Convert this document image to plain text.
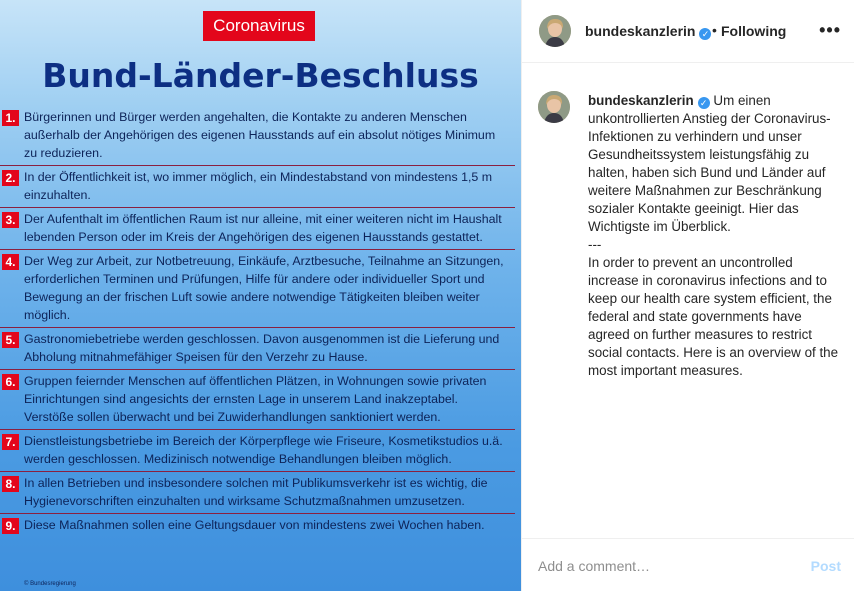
Coronavirus
Bund-Länder-Beschluss
1. Bürgerinnen und Bürger werden angehalten, die Kontakte zu anderen Menschen außerhalb der Angehörigen des eigenen Hausstands auf ein absolut nötiges Minimum zu reduzieren.
2. In der Öffentlichkeit ist, wo immer möglich, ein Mindestabstand von mindestens 1,5 m einzuhalten.
3. Der Aufenthalt im öffentlichen Raum ist nur alleine, mit einer weiteren nicht im Haushalt lebenden Person oder im Kreis der Angehörigen des eigenen Hausstands gestattet.
4. Der Weg zur Arbeit, zur Notbetreuung, Einkäufe, Arztbesuche, Teilnahme an Sitzungen, erforderlichen Terminen und Prüfungen, Hilfe für andere oder individueller Sport und Bewegung an der frischen Luft sowie andere notwendige Tätigkeiten bleiben weiter möglich.
5. Gastronomiebetriebe werden geschlossen. Davon ausgenommen ist die Lieferung und Abholung mitnahmefähiger Speisen für den Verzehr zu Hause.
6. Gruppen feiernder Menschen auf öffentlichen Plätzen, in Wohnungen sowie privaten Einrichtungen sind angesichts der ernsten Lage in unserem Land inakzeptabel. Verstöße sollen überwacht und bei Zuwiderhandlungen sanktioniert werden.
7. Dienstleistungsbetriebe im Bereich der Körperpflege wie Friseure, Kosmetikstudios u.ä. werden geschlossen. Medizinisch notwendige Behandlungen bleiben möglich.
8. In allen Betrieben und insbesondere solchen mit Publikumsverkehr ist es wichtig, die Hygienevorschriften einzuhalten und wirksame Schutzmaßnahmen umzusetzen.
9. Diese Maßnahmen sollen eine Geltungsdauer von mindestens zwei Wochen haben.
© Bundesregierung
bundeskanzlerin ✓ • Following •••
bundeskanzlerin ✓ Um einen unkontrollierten Anstieg der Coronavirus-Infektionen zu verhindern und unser Gesundheitssystem leistungsfähig zu halten, haben sich Bund und Länder auf weitere Maßnahmen zur Beschränkung sozialer Kontakte geeinigt. Hier das Wichtigste im Überblick.
---
In order to prevent an uncontrolled increase in coronavirus infections and to keep our health care system efficient, the federal and state governments have agreed on further measures to restrict social contacts. Here is an overview of the most important measures.
Add a comment…
Post
